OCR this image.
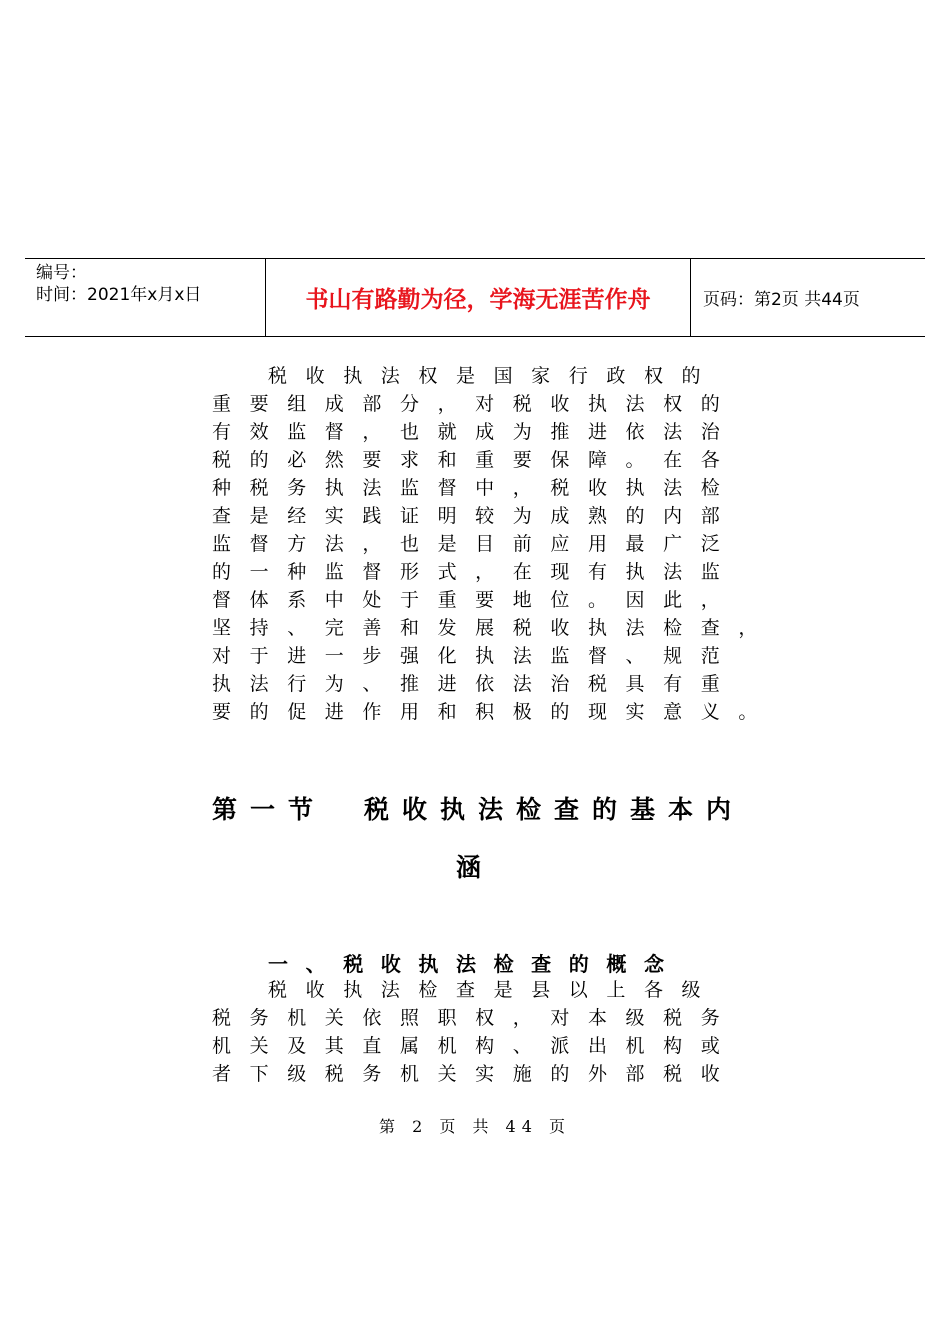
编号：
时间：2021年x月x日	书山有路勤为径，学海无涯苦作舟	页码：第2页 共44页
税 收 执 法 权 是 国 家 行 政 权 的
重 要 组 成 部 分 ， 对 税 收 执 法 权 的
有 效 监 督 ， 也 就 成 为 推 进 依 法 治
税 的 必 然 要 求 和 重 要 保 障 。 在 各
种 税 务 执 法 监 督 中 ， 税 收 执 法 检
查 是 经 实 践 证 明 较 为 成 熟 的 内 部
监 督 方 法 ， 也 是 目 前 应 用 最 广 泛
的 一 种 监 督 形 式 ， 在 现 有 执 法 监
督 体 系 中 处 于 重 要 地 位 。 因 此 ，
坚 持 、 完 善 和 发 展 税 收 执 法 检 查 ，
对 于 进 一 步 强 化 执 法 监 督 、 规 范
执 法 行 为 、 推 进 依 法 治 税 具 有 重
要 的 促 进 作 用 和 积 极 的 现 实 意 义 。
第 一 节 税 收 执 法 检 查 的 基 本 内
涵
一 、 税 收 执 法 检 查 的 概 念
税 收 执 法 检 查 是 县 以 上 各 级
税 务 机 关 依 照 职 权 ， 对 本 级 税 务
机 关 及 其 直 属 机 构 、 派 出 机 构 或
者 下 级 税 务 机 关 实 施 的 外 部 税 收
第 2 页 共 44 页
